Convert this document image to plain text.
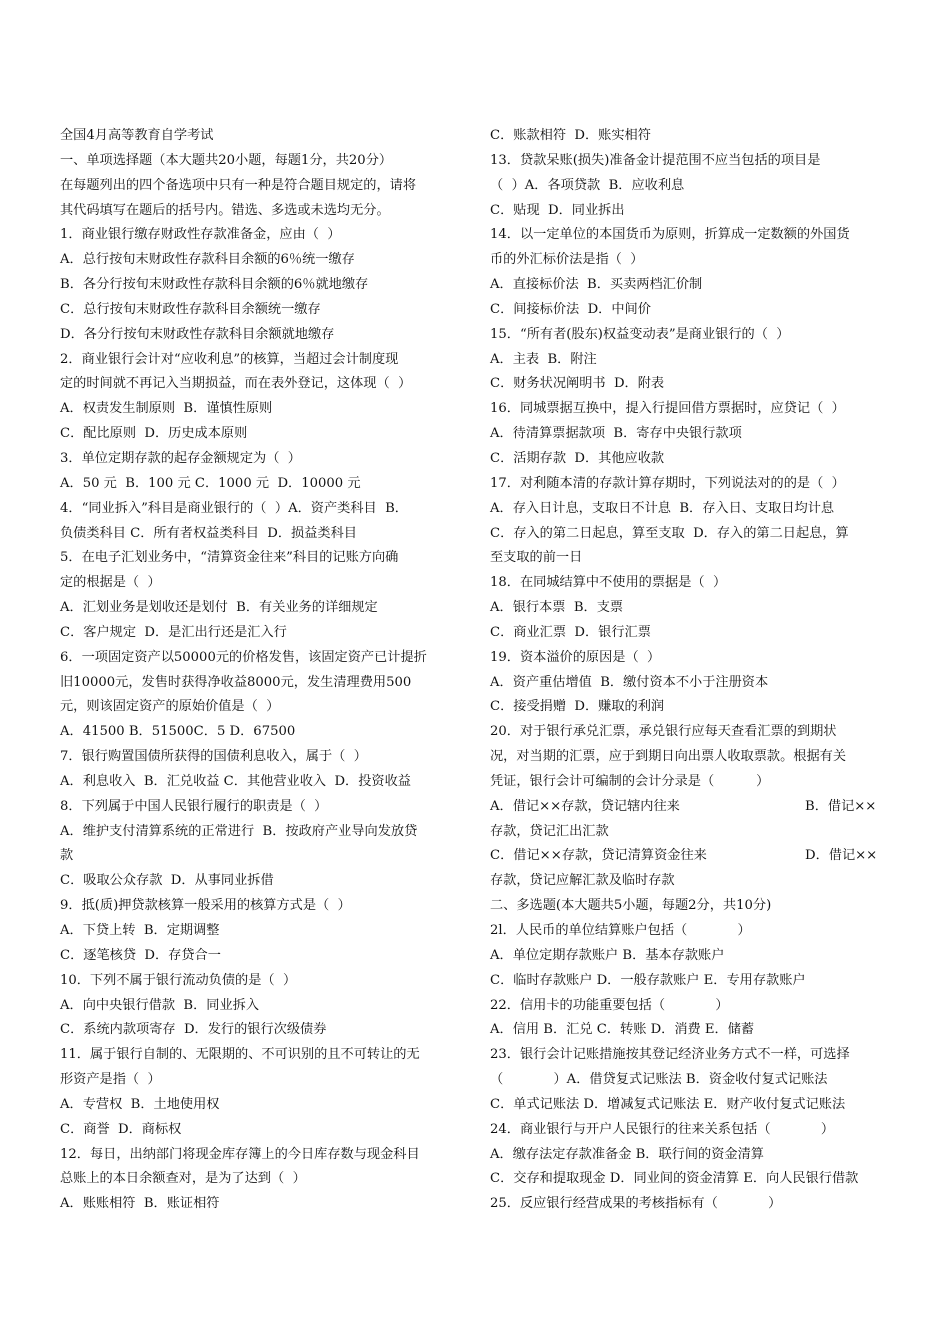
全国4月高等教育自学考试
一、单项选择题（本大题共20小题，每题1分，共20分）
在每题列出的四个备选项中只有一种是符合题目规定的，请将
其代码填写在题后的括号内。错选、多选或未选均无分。
1．商业银行缴存财政性存款准备金，应由（  ）
A．总行按旬末财政性存款科目余额的6％统一缴存
B．各分行按旬末财政性存款科目余额的6％就地缴存
C．总行按旬末财政性存款科目余额统一缴存
D．各分行按旬末财政性存款科目余额就地缴存
2．商业银行会计对“应收利息”的核算，当超过会计制度现
定的时间就不再记入当期损益，而在表外登记，这体现（  ）
A．权责发生制原则  B．谨慎性原则
C．配比原则  D．历史成本原则
3．单位定期存款的起存金额规定为（  ）
A．50 元  B．100 元 C．1000 元  D．10000 元
4．“同业拆入”科目是商业银行的（  ）A．资产类科目  B．
负债类科目 C．所有者权益类科目  D．损益类科目
5．在电子汇划业务中，“清算资金往来”科目的记账方向确
定的根据是（  ）
A．汇划业务是划收还是划付  B．有关业务的详细规定
C．客户规定  D．是汇出行还是汇入行
6．一项固定资产以50000元的价格发售，该固定资产已计提折
旧10000元，发售时获得净收益8000元，发生清理费用500
元，则该固定资产的原始价值是（  ）
A．41500 B．51500C．5 D．67500
7．银行购置国债所获得的国债利息收入，属于（  ）
A．利息收入  B．汇兑收益 C．其他营业收入  D．投资收益
8．下列属于中国人民银行履行的职责是（  ）
A．维护支付清算系统的正常进行  B．按政府产业导向发放贷
款
C．吸取公众存款  D．从事同业拆借
9．抵(质)押贷款核算一般采用的核算方式是（  ）
A．下贷上转  B．定期调整
C．逐笔核贷  D．存贷合一
10．下列不属于银行流动负债的是（  ）
A．向中央银行借款  B．同业拆入
C．系统内款项寄存  D．发行的银行次级债券
11．属于银行自制的、无限期的、不可识别的且不可转让的无
形资产是指（  ）
A．专营权  B．土地使用权
C．商誉  D．商标权
12．每日，出纳部门将现金库存簿上的今日库存数与现金科目
总账上的本日余额查对，是为了达到（  ）
A．账账相符  B．账证相符
C．账款相符  D．账实相符
13．贷款呆账(损失)准备金计提范围不应当包括的项目是
（  ）A．各项贷款  B．应收利息
C．贴现  D．同业拆出
14．以一定单位的本国货币为原则，折算成一定数额的外国货
币的外汇标价法是指（  ）
A．直接标价法  B．买卖两档汇价制
C．间接标价法  D．中间价
15．“所有者(股东)权益变动表”是商业银行的（  ）
A．主表  B．附注
C．财务状况阐明书  D．附表
16．同城票据互换中，提入行提回借方票据时，应贷记（  ）
A．待清算票据款项  B．寄存中央银行款项
C．活期存款  D．其他应收款
17．对利随本清的存款计算存期时，下列说法对的的是（  ）
A．存入日计息，支取日不计息  B．存入日、支取日均计息
C．存入的第二日起息，算至支取  D．存入的第二日起息，算
至支取的前一日
18．在同城结算中不使用的票据是（  ）
A．银行本票  B．支票
C．商业汇票  D．银行汇票
19．资本溢价的原因是（  ）
A．资产重估增值  B．缴付资本不小于注册资本
C．接受捐赠  D．赚取的利润
20．对于银行承兑汇票，承兑银行应每天查看汇票的到期状
况，对当期的汇票，应于到期日向出票人收取票款。根据有关
凭证，银行会计可编制的会计分录是（          ）
A．借记××存款，贷记辖内往来	B．借记××
存款，贷记汇出汇款
C．借记××存款，贷记清算资金往来	D．借记××
存款，贷记应解汇款及临时存款
二、多选题(本大题共5小题，每题2分，共10分)
2l．人民币的单位结算账户包括（            ）
A．单位定期存款账户 B．基本存款账户
C．临时存款账户 D．一般存款账户 E．专用存款账户
22．信用卡的功能重要包括（            ）
A．信用 B．汇兑 C．转账 D．消费 E．储蓄
23．银行会计记账措施按其登记经济业务方式不一样，可选择
（            ）A．借贷复式记账法 B．资金收付复式记账法
C．单式记账法 D．增减复式记账法 E．财产收付复式记账法
24．商业银行与开户人民银行的往来关系包括（            ）
A．缴存法定存款准备金 B．联行间的资金清算
C．交存和提取现金 D．同业间的资金清算 E．向人民银行借款
25．反应银行经营成果的考核指标有（            ）
